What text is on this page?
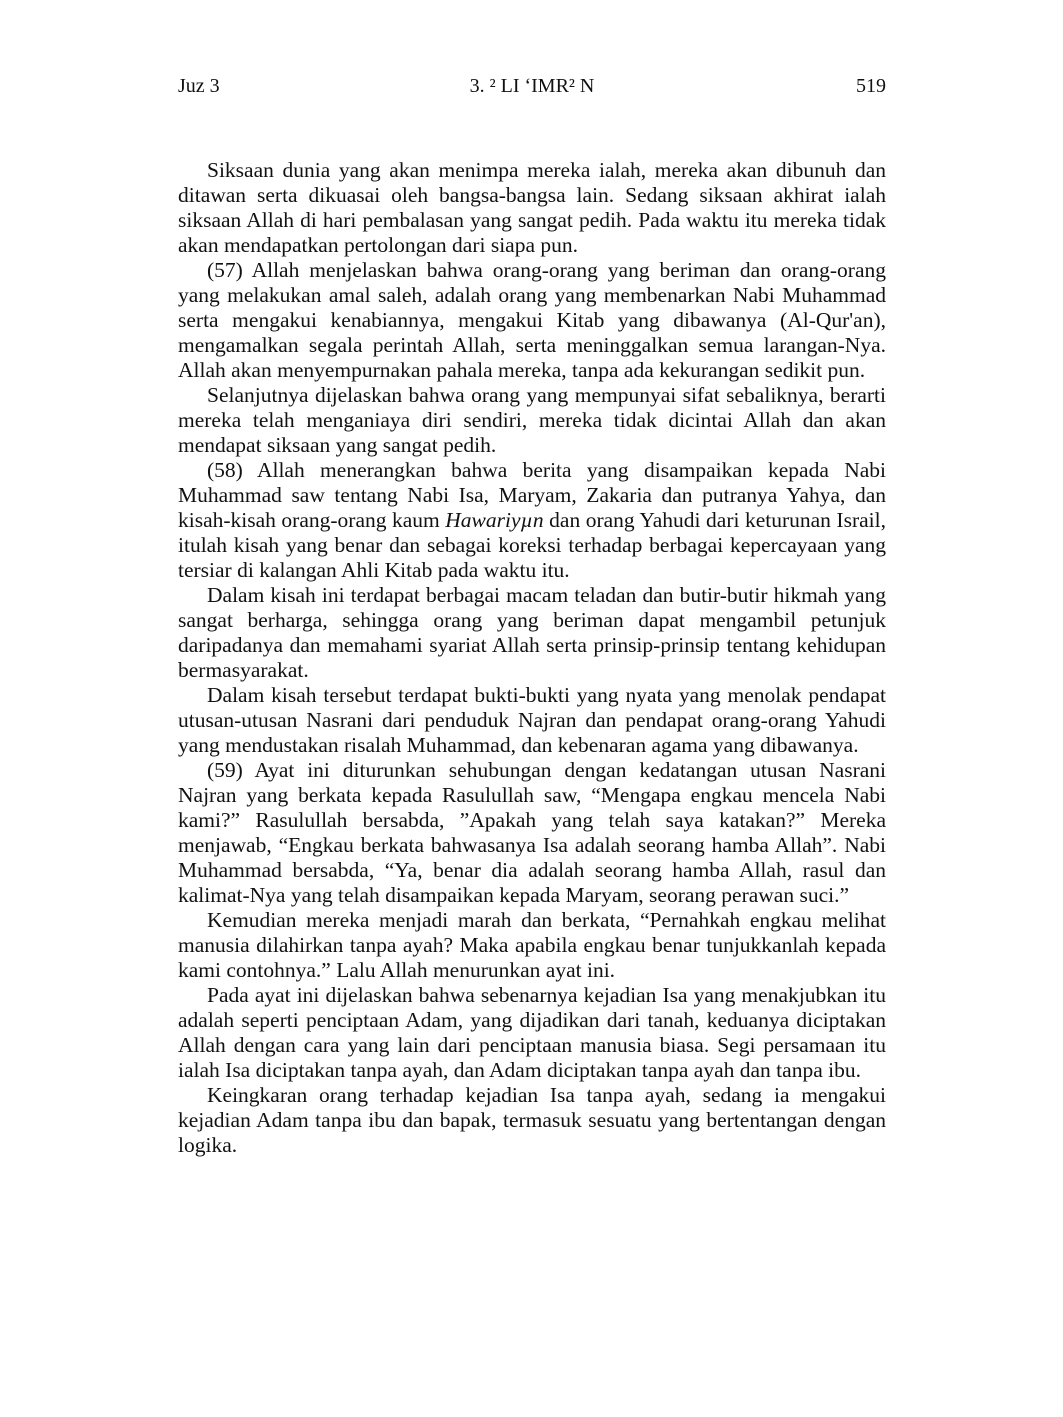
Juz 3	3. ² LI ‘IMR² N	519

Siksaan dunia yang akan menimpa mereka ialah, mereka akan dibunuh dan ditawan serta dikuasai oleh bangsa-bangsa lain. Sedang siksaan akhirat ialah siksaan Allah di hari pembalasan yang sangat pedih. Pada waktu itu mereka tidak akan mendapatkan pertolongan dari siapa pun.

(57) Allah menjelaskan bahwa orang-orang yang beriman dan orang-orang yang melakukan amal saleh, adalah orang yang membenarkan Nabi Muhammad serta mengakui kenabiannya, mengakui Kitab yang dibawanya (Al-Qur'an), mengamalkan segala perintah Allah, serta meninggalkan semua larangan-Nya. Allah akan menyempurnakan pahala mereka, tanpa ada kekurangan sedikit pun.

Selanjutnya dijelaskan bahwa orang yang mempunyai sifat sebaliknya, berarti mereka telah menganiaya diri sendiri, mereka tidak dicintai Allah dan akan mendapat siksaan yang sangat pedih.

(58) Allah menerangkan bahwa berita yang disampaikan kepada Nabi Muhammad saw tentang Nabi Isa, Maryam, Zakaria dan putranya Yahya, dan kisah-kisah orang-orang kaum Hawariyµn dan orang Yahudi dari keturunan Israil, itulah kisah yang benar dan sebagai koreksi terhadap berbagai kepercayaan yang tersiar di kalangan Ahli Kitab pada waktu itu.

Dalam kisah ini terdapat berbagai macam teladan dan butir-butir hikmah yang sangat berharga, sehingga orang yang beriman dapat mengambil petunjuk daripadanya dan memahami syariat Allah serta prinsip-prinsip tentang kehidupan bermasyarakat.

Dalam kisah tersebut terdapat bukti-bukti yang nyata yang menolak pendapat utusan-utusan Nasrani dari penduduk Najran dan pendapat orang-orang Yahudi yang mendustakan risalah Muhammad, dan kebenaran agama yang dibawanya.

(59) Ayat ini diturunkan sehubungan dengan kedatangan utusan Nasrani Najran yang berkata kepada Rasulullah saw, “Mengapa engkau mencela Nabi kami?” Rasulullah bersabda, ”Apakah yang telah saya katakan?” Mereka menjawab, “Engkau berkata bahwasanya Isa adalah seorang hamba Allah”. Nabi Muhammad bersabda, “Ya, benar dia adalah seorang hamba Allah, rasul dan kalimat-Nya yang telah disampaikan kepada Maryam, seorang perawan suci.”

Kemudian mereka menjadi marah dan berkata, “Pernahkah engkau melihat manusia dilahirkan tanpa ayah? Maka apabila engkau benar tunjukkanlah kepada kami contohnya.” Lalu Allah menurunkan ayat ini.

Pada ayat ini dijelaskan bahwa sebenarnya kejadian Isa yang menakjubkan itu adalah seperti penciptaan Adam, yang dijadikan dari tanah, keduanya diciptakan Allah dengan cara yang lain dari penciptaan manusia biasa. Segi persamaan itu ialah Isa diciptakan tanpa ayah, dan Adam diciptakan tanpa ayah dan tanpa ibu.

Keingkaran orang terhadap kejadian Isa tanpa ayah, sedang ia mengakui kejadian Adam tanpa ibu dan bapak, termasuk sesuatu yang bertentangan dengan logika.
